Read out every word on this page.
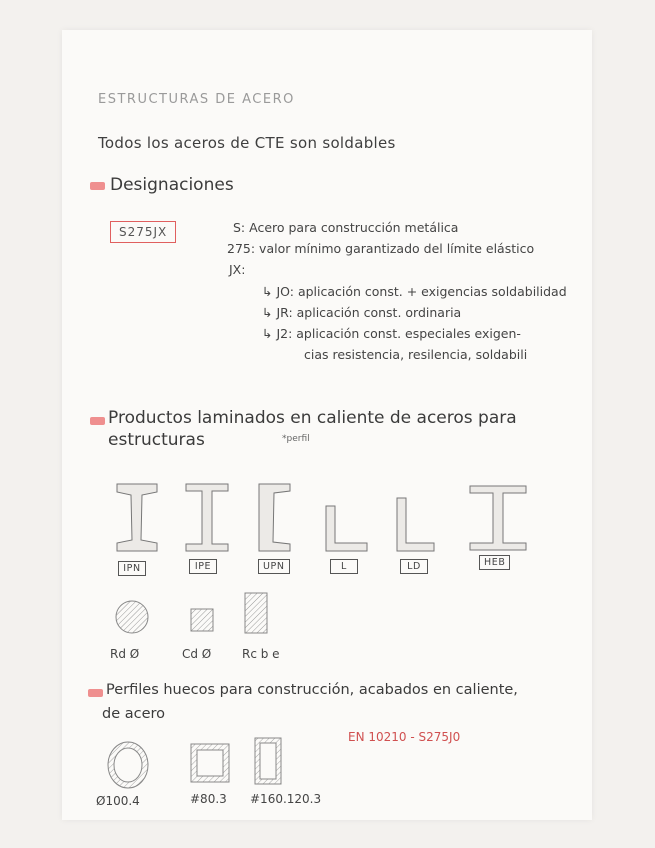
ESTRUCTURAS DE ACERO
Todos los aceros de CTE son soldables
Designaciones
S275JX	S: Acero para construcción metálica
275: valor mínimo garantizado del límite elástico
JX:
↳ JO: aplicación const. + exigencias soldabilidad
↳ JR: aplicación const. ordinaria
↳ J2: aplicación const. especiales exigen-
cias resistencia, resilencia, soldabili
Productos laminados en caliente de aceros para
estructuras	*perfil
IPN	IPE	UPN	L	LD	HEB
Rd Ø	Cd Ø	Rc b e
Perfiles huecos para construcción, acabados en caliente,
de acero
EN 10210 - S275J0
Ø100.4	#80.3 #160.120.3
